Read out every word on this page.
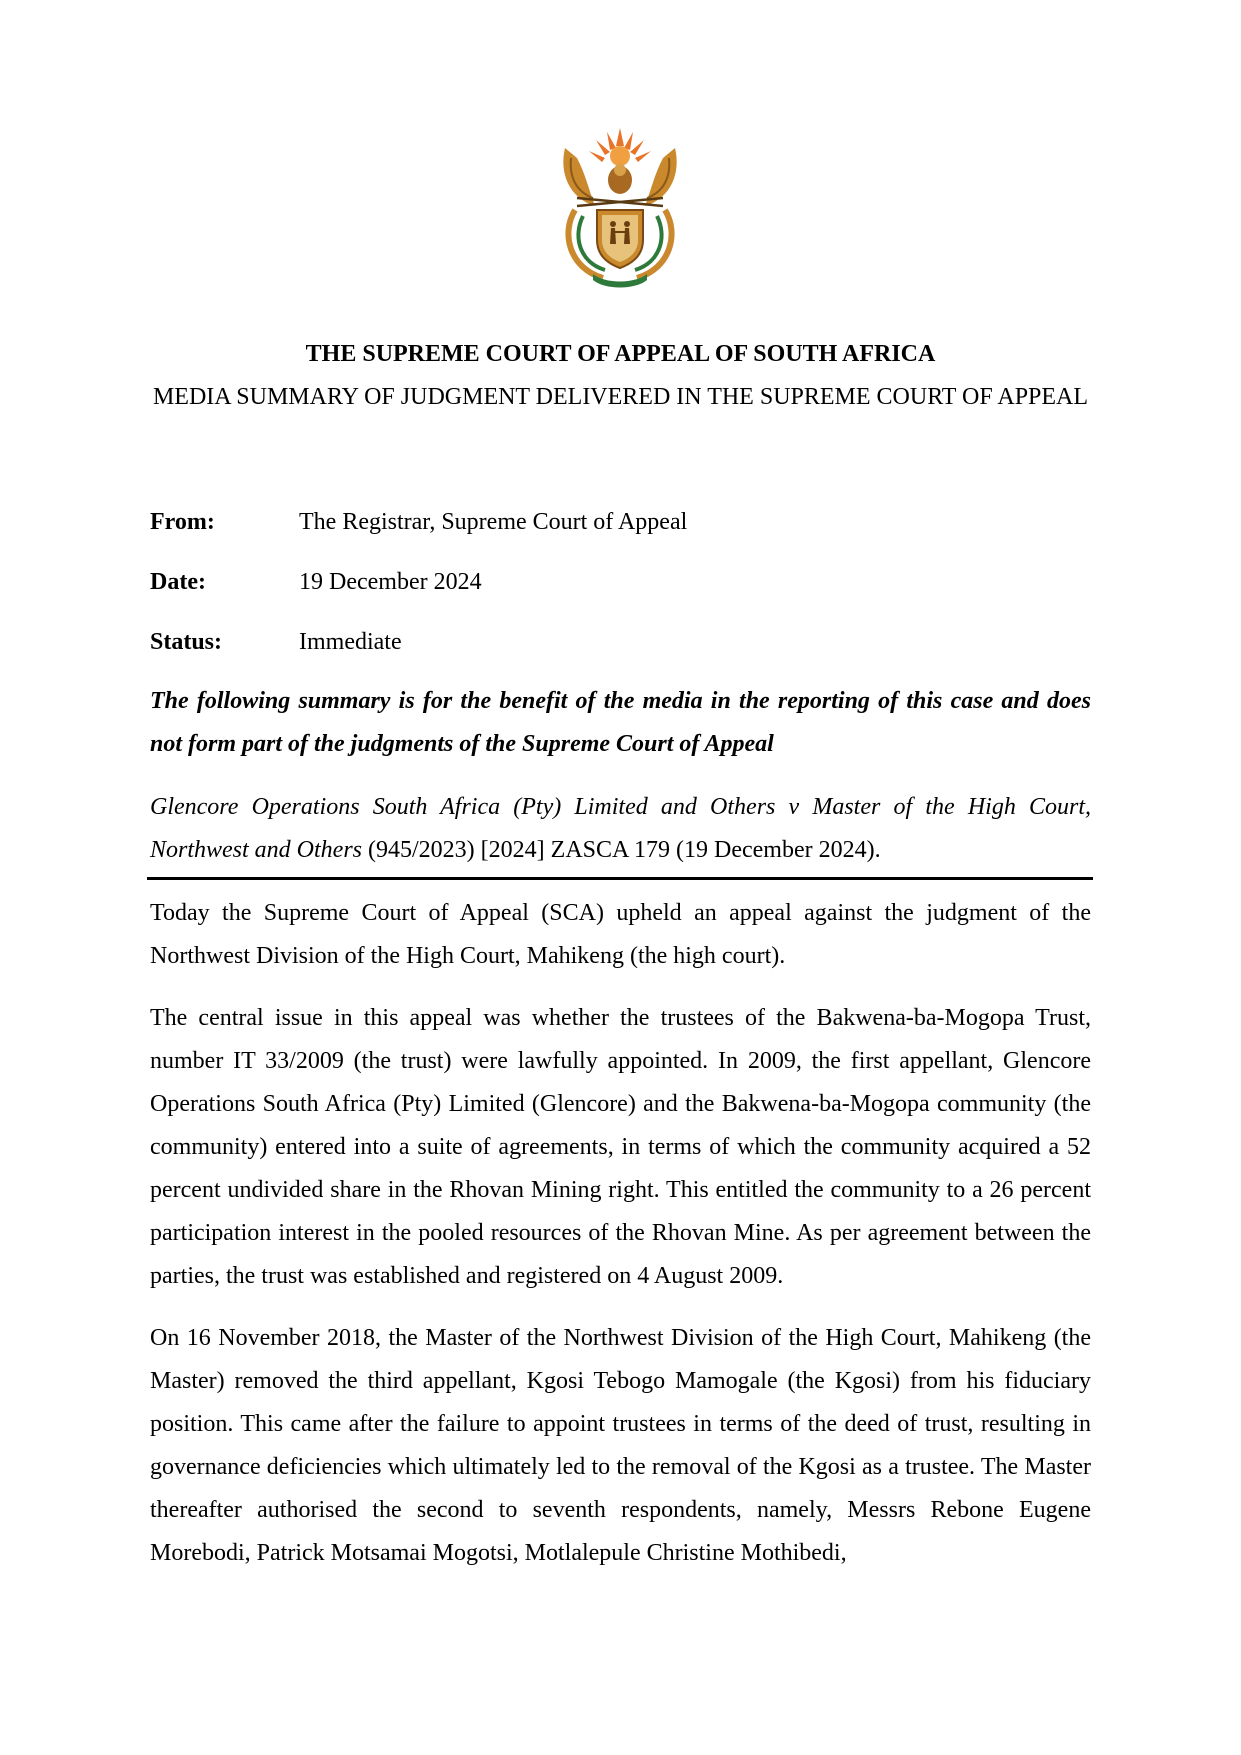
THE SUPREME COURT OF APPEAL OF SOUTH AFRICA
MEDIA SUMMARY OF JUDGMENT DELIVERED IN THE SUPREME COURT OF APPEAL
From:	The Registrar, Supreme Court of Appeal
Date:	19 December 2024
Status:	Immediate

The following summary is for the benefit of the media in the reporting of this case and does not form part of the judgments of the Supreme Court of Appeal

Glencore Operations South Africa (Pty) Limited and Others v Master of the High Court, Northwest and Others (945/2023) [2024] ZASCA 179 (19 December 2024).

Today the Supreme Court of Appeal (SCA) upheld an appeal against the judgment of the Northwest Division of the High Court, Mahikeng (the high court).

The central issue in this appeal was whether the trustees of the Bakwena-ba-Mogopa Trust, number IT 33/2009 (the trust) were lawfully appointed. In 2009, the first appellant, Glencore Operations South Africa (Pty) Limited (Glencore) and the Bakwena-ba-Mogopa community (the community) entered into a suite of agreements, in terms of which the community acquired a 52 percent undivided share in the Rhovan Mining right. This entitled the community to a 26 percent participation interest in the pooled resources of the Rhovan Mine. As per agreement between the parties, the trust was established and registered on 4 August 2009.

On 16 November 2018, the Master of the Northwest Division of the High Court, Mahikeng (the Master) removed the third appellant, Kgosi Tebogo Mamogale (the Kgosi) from his fiduciary position. This came after the failure to appoint trustees in terms of the deed of trust, resulting in governance deficiencies which ultimately led to the removal of the Kgosi as a trustee. The Master thereafter authorised the second to seventh respondents, namely, Messrs Rebone Eugene Morebodi, Patrick Motsamai Mogotsi, Motlalepule Christine Mothibedi,
